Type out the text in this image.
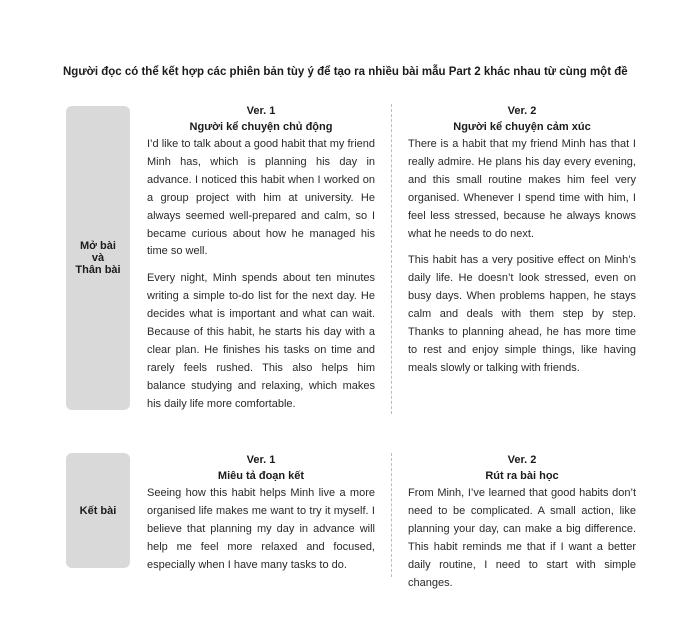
Người đọc có thể kết hợp các phiên bản tùy ý để tạo ra nhiều bài mẫu Part 2 khác nhau từ cùng một đề
Mở bài
và
Thân bài
Ver. 1
Người kể chuyện chủ động

I’d like to talk about a good habit that my friend Minh has, which is planning his day in advance. I noticed this habit when I worked on a group project with him at university. He always seemed well-prepared and calm, so I became curious about how he managed his time so well.

Every night, Minh spends about ten minutes writing a simple to-do list for the next day. He decides what is important and what can wait. Because of this habit, he starts his day with a clear plan. He finishes his tasks on time and rarely feels rushed. This also helps him balance studying and relaxing, which makes his daily life more comfortable.

Ver. 2
Người kể chuyện cảm xúc

There is a habit that my friend Minh has that I really admire. He plans his day every evening, and this small routine makes him feel very organised. Whenever I spend time with him, I feel less stressed, because he always knows what he needs to do next.

This habit has a very positive effect on Minh’s daily life. He doesn’t look stressed, even on busy days. When problems happen, he stays calm and deals with them step by step. Thanks to planning ahead, he has more time to rest and enjoy simple things, like having meals slowly or talking with friends.

Kết bài
Ver. 1
Miêu tả đoạn kết

Seeing how this habit helps Minh live a more organised life makes me want to try it myself. I believe that planning my day in advance will help me feel more relaxed and focused, especially when I have many tasks to do.

Ver. 2
Rút ra bài học

From Minh, I’ve learned that good habits don’t need to be complicated. A small action, like planning your day, can make a big difference. This habit reminds me that if I want a better daily routine, I need to start with simple changes.
